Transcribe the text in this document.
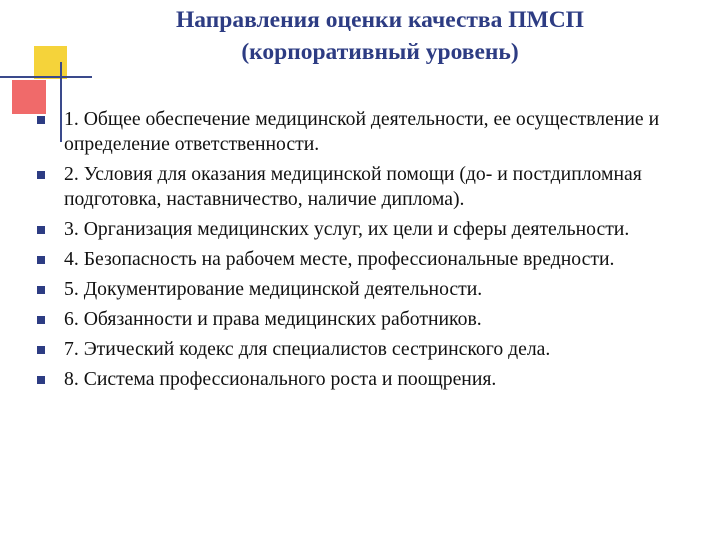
Направления оценки качества ПМСП
(корпоративный уровень)
1. Общее обеспечение медицинской деятельности, ее осуществление и определение ответственности.
2. Условия для оказания медицинской помощи (до- и постдипломная подготовка, наставничество, наличие диплома).
3. Организация медицинских услуг, их цели и сферы деятельности.
4. Безопасность на рабочем месте, профессиональные вредности.
5. Документирование медицинской деятельности.
6. Обязанности и права медицинских работников.
7. Этический кодекс для специалистов сестринского дела.
8. Система профессионального роста и поощрения.
